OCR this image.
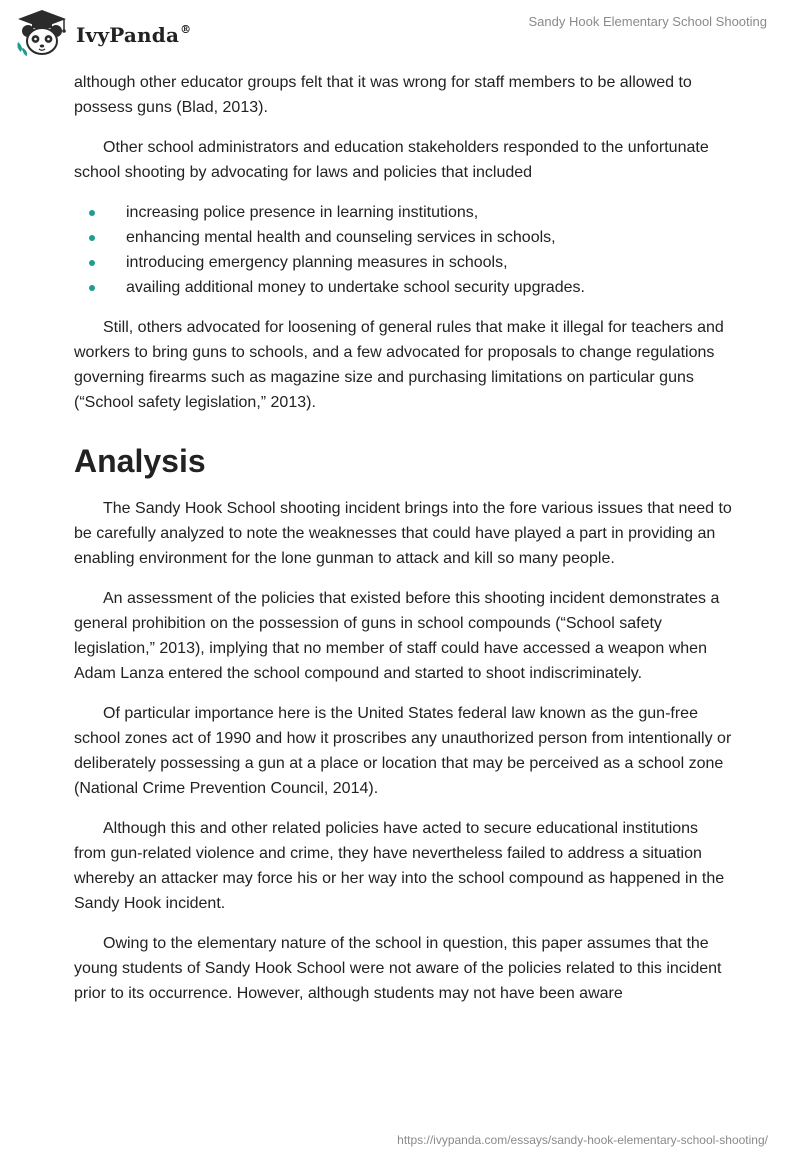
IvyPanda®
Sandy Hook Elementary School Shooting

although other educator groups felt that it was wrong for staff members to be allowed to possess guns (Blad, 2013).

Other school administrators and education stakeholders responded to the unfortunate school shooting by advocating for laws and policies that included

increasing police presence in learning institutions,
enhancing mental health and counseling services in schools,
introducing emergency planning measures in schools,
availing additional money to undertake school security upgrades.

Still, others advocated for loosening of general rules that make it illegal for teachers and workers to bring guns to schools, and a few advocated for proposals to change regulations governing firearms such as magazine size and purchasing limitations on particular guns (“School safety legislation,” 2013).

Analysis

The Sandy Hook School shooting incident brings into the fore various issues that need to be carefully analyzed to note the weaknesses that could have played a part in providing an enabling environment for the lone gunman to attack and kill so many people.

An assessment of the policies that existed before this shooting incident demonstrates a general prohibition on the possession of guns in school compounds (“School safety legislation,” 2013), implying that no member of staff could have accessed a weapon when Adam Lanza entered the school compound and started to shoot indiscriminately.

Of particular importance here is the United States federal law known as the gun-free school zones act of 1990 and how it proscribes any unauthorized person from intentionally or deliberately possessing a gun at a place or location that may be perceived as a school zone (National Crime Prevention Council, 2014).

Although this and other related policies have acted to secure educational institutions from gun-related violence and crime, they have nevertheless failed to address a situation whereby an attacker may force his or her way into the school compound as happened in the Sandy Hook incident.

Owing to the elementary nature of the school in question, this paper assumes that the young students of Sandy Hook School were not aware of the policies related to this incident prior to its occurrence. However, although students may not have been aware

https://ivypanda.com/essays/sandy-hook-elementary-school-shooting/
